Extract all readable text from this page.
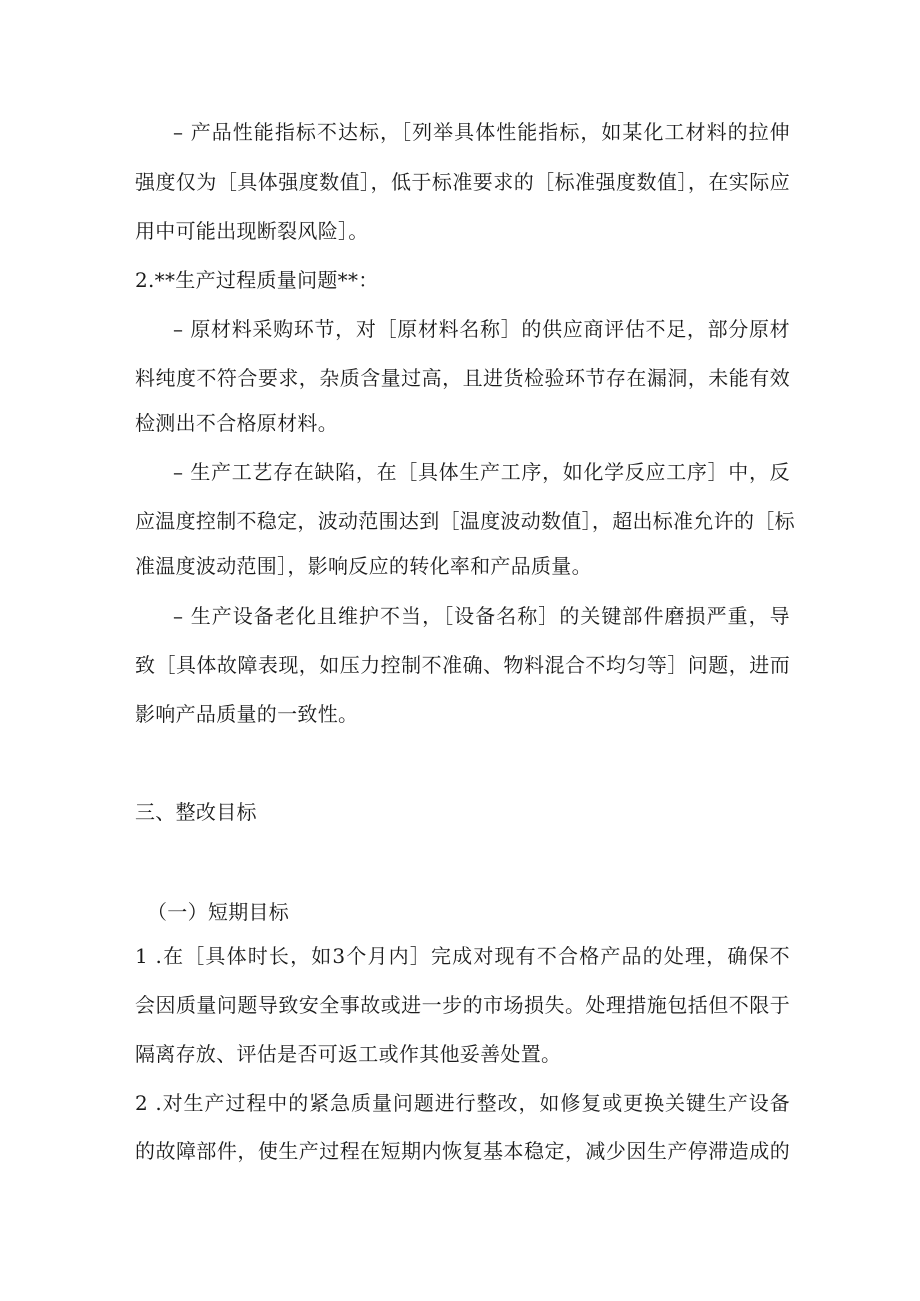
– 产品性能指标不达标，［列举具体性能指标，如某化工材料的拉伸
强度仅为［具体强度数值］，低于标准要求的［标准强度数值］，在实际应
用中可能出现断裂风险］。
2.**生产过程质量问题**：
– 原材料采购环节，对［原材料名称］的供应商评估不足，部分原材
料纯度不符合要求，杂质含量过高，且进货检验环节存在漏洞，未能有效
检测出不合格原材料。
– 生产工艺存在缺陷，在［具体生产工序，如化学反应工序］中，反
应温度控制不稳定，波动范围达到［温度波动数值］，超出标准允许的［标
准温度波动范围］，影响反应的转化率和产品质量。
– 生产设备老化且维护不当，［设备名称］的关键部件磨损严重，导
致［具体故障表现，如压力控制不准确、物料混合不均匀等］问题，进而
影响产品质量的一致性。
三、整改目标
（一）短期目标
1 .在［具体时长，如3个月内］完成对现有不合格产品的处理，确保不
会因质量问题导致安全事故或进一步的市场损失。处理措施包括但不限于
隔离存放、评估是否可返工或作其他妥善处置。
2 .对生产过程中的紧急质量问题进行整改，如修复或更换关键生产设备
的故障部件，使生产过程在短期内恢复基本稳定，减少因生产停滞造成的
